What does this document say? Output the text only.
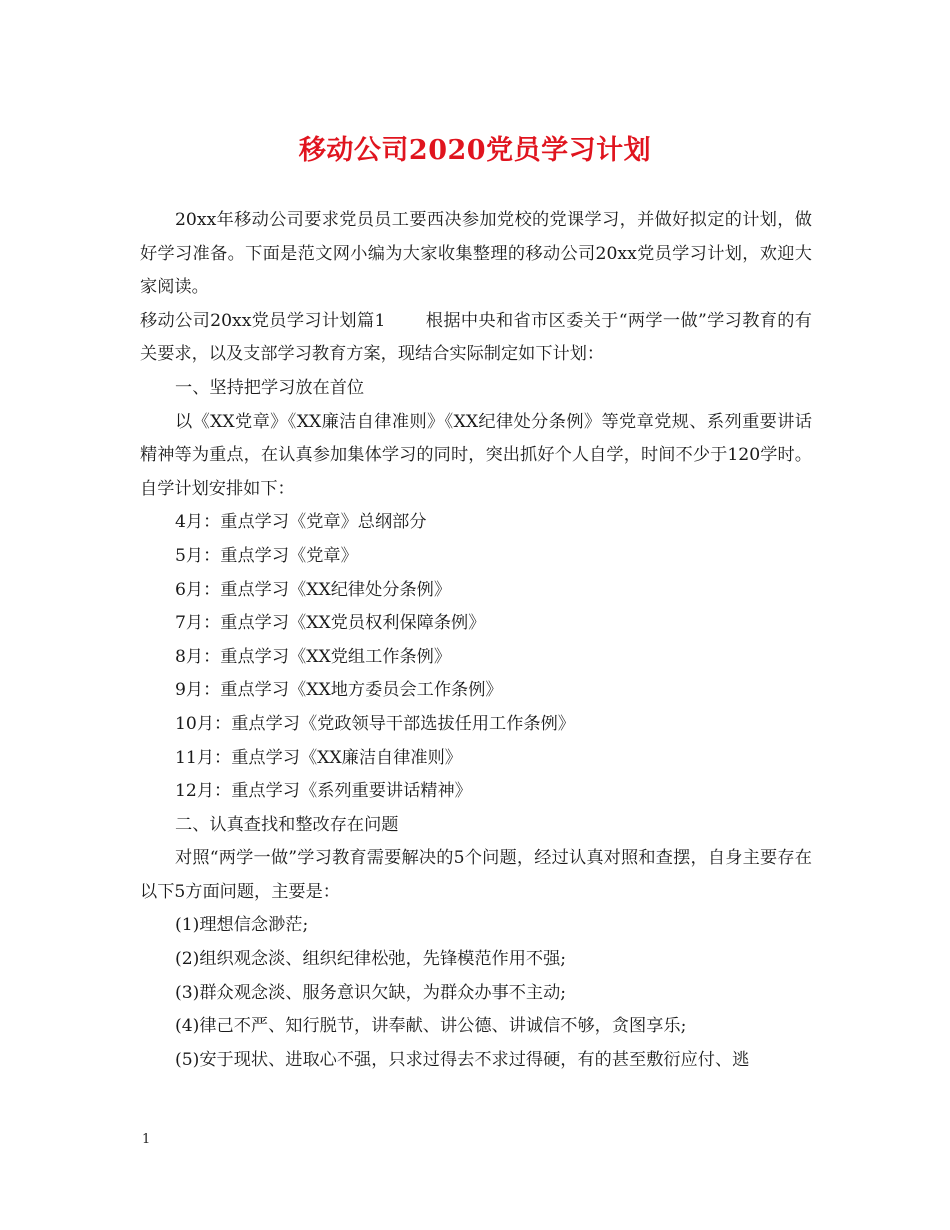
移动公司2020党员学习计划

20xx年移动公司要求党员员工要西决参加党校的党课学习，并做好拟定的计划，做好学习准备。下面是范文网小编为大家收集整理的移动公司20xx党员学习计划，欢迎大家阅读。

移动公司20xx党员学习计划篇1 根据中央和省市区委关于“两学一做”学习教育的有关要求，以及支部学习教育方案，现结合实际制定如下计划：

一、坚持把学习放在首位

以《XX党章》《XX廉洁自律准则》《XX纪律处分条例》等党章党规、系列重要讲话精神等为重点，在认真参加集体学习的同时，突出抓好个人自学，时间不少于120学时。自学计划安排如下：

4月：重点学习《党章》总纲部分

5月：重点学习《党章》

6月：重点学习《XX纪律处分条例》

7月：重点学习《XX党员权利保障条例》

8月：重点学习《XX党组工作条例》

9月：重点学习《XX地方委员会工作条例》

10月：重点学习《党政领导干部选拔任用工作条例》

11月：重点学习《XX廉洁自律准则》

12月：重点学习《系列重要讲话精神》

二、认真查找和整改存在问题

对照“两学一做”学习教育需要解决的5个问题，经过认真对照和查摆，自身主要存在以下5方面问题，主要是：

(1)理想信念渺茫;

(2)组织观念淡、组织纪律松弛，先锋模范作用不强;

(3)群众观念淡、服务意识欠缺，为群众办事不主动;

(4)律己不严、知行脱节，讲奉献、讲公德、讲诚信不够，贪图享乐;

(5)安于现状、进取心不强，只求过得去不求过得硬，有的甚至敷衍应付、逃

1
